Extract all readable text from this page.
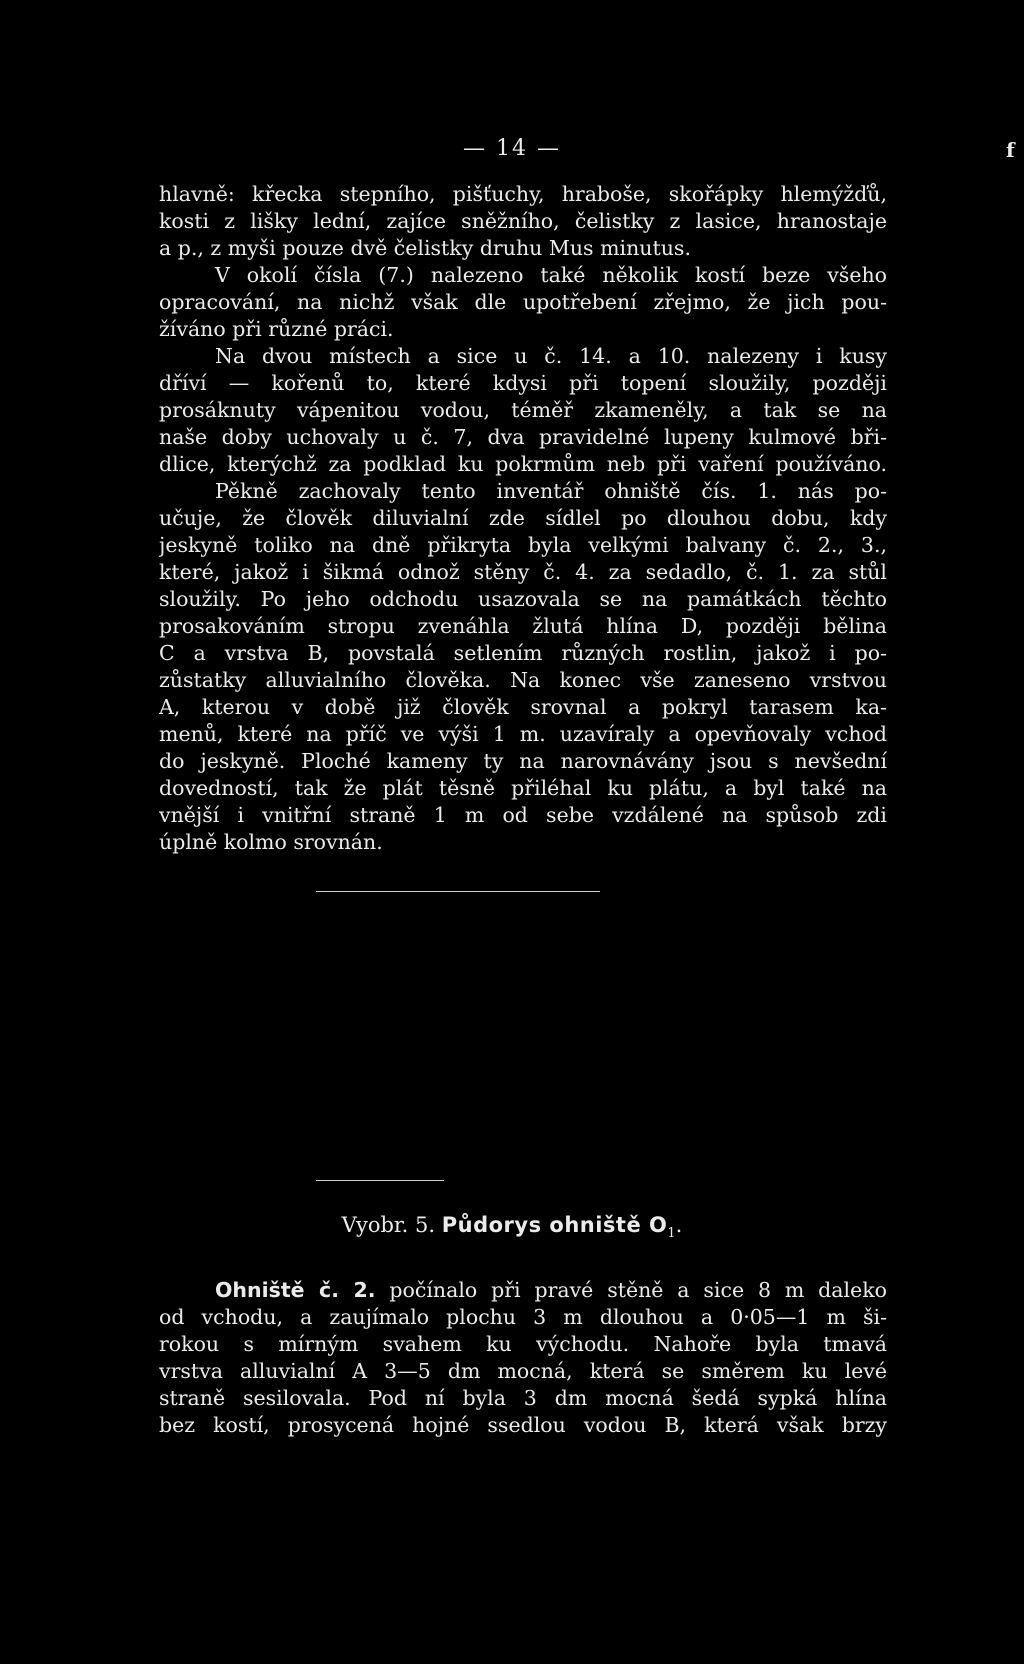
— 14 —	f
hlavně: křecka stepního, pišťuchy, hraboše, skořápky hlemýžďů,
kosti z lišky lední, zajíce sněžního, čelistky z lasice, hranostaje
a p., z myši pouze dvě čelistky druhu Mus minutus.
V okolí čísla (7.) nalezeno také několik kostí beze všeho
opracování, na nichž však dle upotřebení zřejmo, že jich pou-
žíváno při různé práci.
Na dvou místech a sice u č. 14. a 10. nalezeny i kusy
dříví — kořenů to, které kdysi při topení sloužily, později
prosáknuty vápenitou vodou, téměř zkameněly, a tak se na
naše doby uchovaly u č. 7, dva pravidelné lupeny kulmové bři-
dlice, kterýchž za podklad ku pokrmům neb při vaření používáno.
Pěkně zachovaly tento inventář ohniště čís. 1. nás po-
učuje, že člověk diluvialní zde sídlel po dlouhou dobu, kdy
jeskyně toliko na dně přikryta byla velkými balvany č. 2., 3.,
které, jakož i šikmá odnož stěny č. 4. za sedadlo, č. 1. za stůl
sloužily. Po jeho odchodu usazovala se na památkách těchto
prosakováním stropu zvenáhla žlutá hlína D, později bělina
C a vrstva B, povstalá setlením různých rostlin, jakož i po-
zůstatky alluvialního člověka. Na konec vše zaneseno vrstvou
A, kterou v době již člověk srovnal a pokryl tarasem ka-
menů, které na příč ve výši 1 m. uzavíraly a opevňovaly vchod
do jeskyně. Ploché kameny ty na narovnávány jsou s nevšední
dovedností, tak že plát těsně přiléhal ku plátu, a byl také na
vnější i vnitřní straně 1 m od sebe vzdálené na spůsob zdi
úplně kolmo srovnán.
Vyobr. 5. Půdorys ohniště $O_1$.
Ohniště č. 2. počínalo při pravé stěně a sice 8 m daleko
od vchodu, a zaujímalo plochu 3 m dlouhou a 0·05—1 m ši-
rokou s mírným svahem ku východu. Nahoře byla tmavá
vrstva alluvialní A 3—5 dm mocná, která se směrem ku levé
straně sesilovala. Pod ní byla 3 dm mocná šedá sypká hlína
bez kostí, prosycená hojné ssedlou vodou B, která však brzy
